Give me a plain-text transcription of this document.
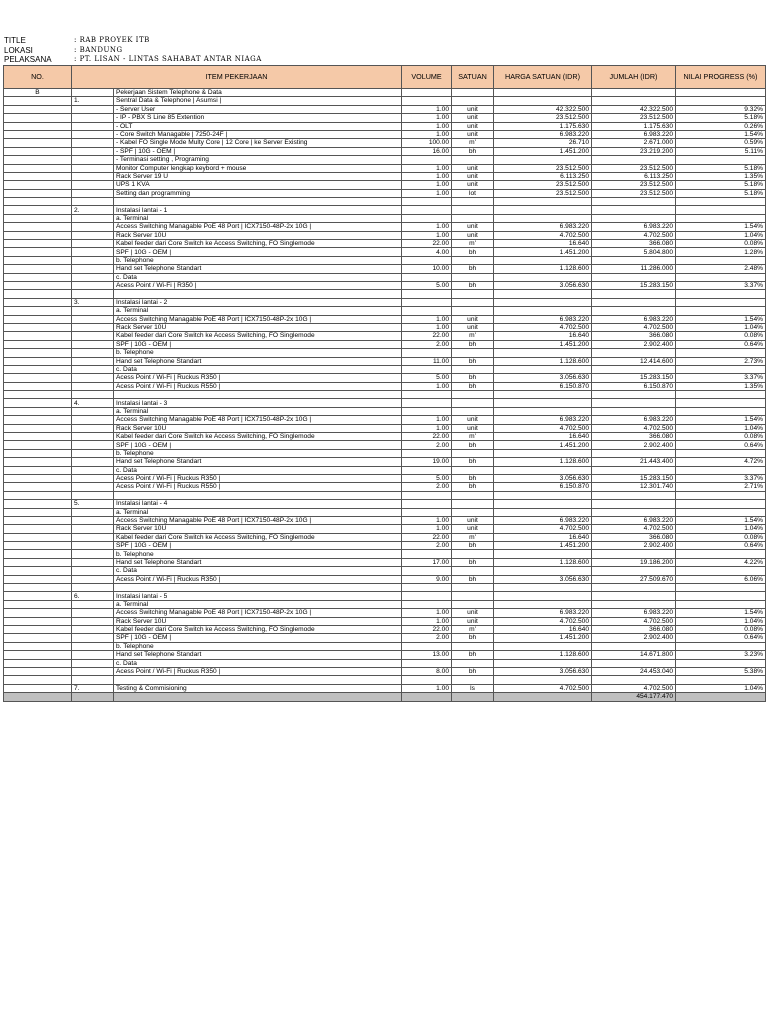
TITLE	: RAB PROYEK ITB
LOKASI	: BANDUNG
PELAKSANA	: PT. LISAN - LINTAS SAHABAT ANTAR NIAGA
NO.	ITEM PEKERJAAN		VOLUME	SATUAN	HARGA SATUAN (IDR)	JUMLAH (IDR)	NILAI PROGRESS (%)
B		Pekerjaan Sistem Telephone & Data					
	1.	Sentral Data & Telephone | Asumsi |					
		- Server User	1.00	unit	42.322.500	42.322.500	9.32%
		- IP - PBX S Line 85 Extention	1.00	unit	23.512.500	23.512.500	5.18%
		- OLT	1.00	unit	1.175.630	1.175.630	0.26%
		- Core Switch Managable | 7250-24F |	1.00	unit	6.983.220	6.983.220	1.54%
		- Kabel FO Single Mode Multy Core | 12 Core | ke Server Existing	100.00	m'	26.710	2.671.000	0.59%
		- SPF | 10G - OEM |	16.00	bh	1.451.200	23.219.200	5.11%
		- Terminasi setting , Programing					
		Monitor Computer lengkap keybord + mouse	1.00	unit	23.512.500	23.512.500	5.18%
		Rack Server 19 U	1.00	unit	6.113.250	6.113.250	1.35%
		UPS 1 KVA	1.00	unit	23.512.500	23.512.500	5.18%
		Setting dan programming	1.00	lot	23.512.500	23.512.500	5.18%

	2.	Instalasi lantai - 1					
		a. Terminal					
		Access Switching Managable PoE 48 Port | ICX7150-48P-2x 10G |	1.00	unit	6.983.220	6.983.220	1.54%
		Rack Server 10U	1.00	unit	4.702.500	4.702.500	1.04%
		Kabel feeder dari Core Switch ke Access Switching, FO Singlemode	22.00	m'	16.640	366.080	0.08%
		SPF | 10G - OEM |	4.00	bh	1.451.200	5.804.800	1.28%
		b. Telephone					
		Hand set Telephone Standart	10.00	bh	1.128.600	11.286.000	2.48%
		c. Data					
		Acess Point / Wi-Fi | R350 |	5.00	bh	3.056.630	15.283.150	3.37%

	3.	Instalasi lantai - 2					
		a. Terminal					
		Access Switching Managable PoE 48 Port | ICX7150-48P-2x 10G |	1.00	unit	6.983.220	6.983.220	1.54%
		Rack Server 10U	1.00	unit	4.702.500	4.702.500	1.04%
		Kabel feeder dari Core Switch ke Access Switching, FO Singlemode	22.00	m'	16.640	366.080	0.08%
		SPF | 10G - OEM |	2.00	bh	1.451.200	2.902.400	0.64%
		b. Telephone					
		Hand set Telephone Standart	11.00	bh	1.128.600	12.414.600	2.73%
		c. Data					
		Acess Point / Wi-Fi | Ruckus R350 |	5.00	bh	3.056.630	15.283.150	3.37%
		Acess Point / Wi-Fi | Ruckus R550 |	1.00	bh	6.150.870	6.150.870	1.35%

	4.	Instalasi lantai - 3					
		a. Terminal					
		Access Switching Managable PoE 48 Port | ICX7150-48P-2x 10G |	1.00	unit	6.983.220	6.983.220	1.54%
		Rack Server 10U	1.00	unit	4.702.500	4.702.500	1.04%
		Kabel feeder dari Core Switch ke Access Switching, FO Singlemode	22.00	m'	16.640	366.080	0.08%
		SPF | 10G - OEM |	2.00	bh	1.451.200	2.902.400	0.64%
		b. Telephone					
		Hand set Telephone Standart	19.00	bh	1.128.600	21.443.400	4.72%
		c. Data					
		Acess Point / Wi-Fi | Ruckus R350 |	5.00	bh	3.056.630	15.283.150	3.37%
		Acess Point / Wi-Fi | Ruckus R550 |	2.00	bh	6.150.870	12.301.740	2.71%

	5.	Instalasi lantai - 4					
		a. Terminal					
		Access Switching Managable PoE 48 Port | ICX7150-48P-2x 10G |	1.00	unit	6.983.220	6.983.220	1.54%
		Rack Server 10U	1.00	unit	4.702.500	4.702.500	1.04%
		Kabel feeder dari Core Switch ke Access Switching, FO Singlemode	22.00	m'	16.640	366.080	0.08%
		SPF | 10G - OEM |	2.00	bh	1.451.200	2.902.400	0.64%
		b. Telephone					
		Hand set Telephone Standart	17.00	bh	1.128.600	19.186.200	4.22%
		c. Data					
		Acess Point / Wi-Fi | Ruckus R350 |	9.00	bh	3.056.630	27.509.670	6.06%

	6.	Instalasi lantai - 5					
		a. Terminal					
		Access Switching Managable PoE 48 Port | ICX7150-48P-2x 10G |	1.00	unit	6.983.220	6.983.220	1.54%
		Rack Server 10U	1.00	unit	4.702.500	4.702.500	1.04%
		Kabel feeder dari Core Switch ke Access Switching, FO Singlemode	22.00	m'	16.640	366.080	0.08%
		SPF | 10G - OEM |	2.00	bh	1.451.200	2.902.400	0.64%
		b. Telephone					
		Hand set Telephone Standart	13.00	bh	1.128.600	14.671.800	3.23%
		c. Data					
		Acess Point / Wi-Fi | Ruckus R350 |	8.00	bh	3.056.630	24.453.040	5.38%

	7.	Testing & Commisioning	1.00	ls	4.702.500	4.702.500	1.04%
						454.177.470	
